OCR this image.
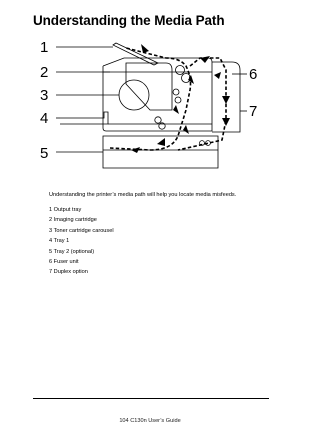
Understanding the Media Path
1
2
3
4
5
6
7

Understanding the printer’s media path will help you locate media misfeeds.

1 Output tray
2 Imaging cartridge
3 Toner cartridge carousel
4 Tray 1
5 Tray 2 (optional)
6 Fuser unit
7 Duplex option
104 C130n User’s Guide
